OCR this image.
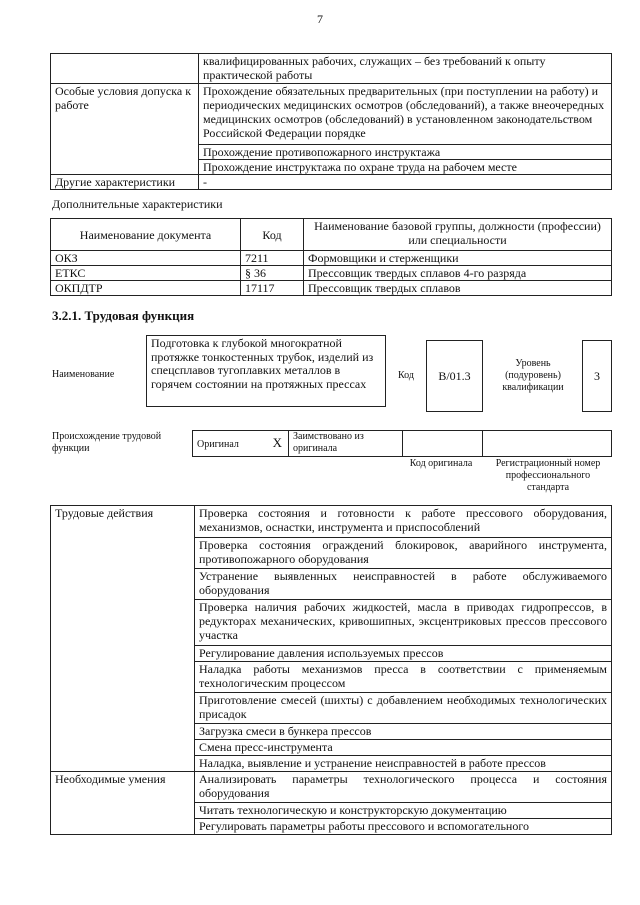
7
	квалифицированных рабочих, служащих – без требований к опыту практической работы
Особые условия допуска к работе	Прохождение обязательных предварительных (при поступлении на работу) и периодических медицинских осмотров (обследований), а также внеочередных медицинских осмотров (обследований) в установленном законодательством Российской Федерации порядке
	Прохождение противопожарного инструктажа
	Прохождение инструктажа по охране труда на рабочем месте
Другие характеристики	-
Дополнительные характеристики
Наименование документа	Код	Наименование базовой группы, должности (профессии) или специальности
ОКЗ	7211	Формовщики и стерженщики
ЕТКС	§ 36	Прессовщик твердых сплавов 4-го разряда
ОКПДТР	17117	Прессовщик твердых сплавов
3.2.1. Трудовая функция
Наименование
Подготовка к глубокой многократной протяжке тонкостенных трубок, изделий из спецсплавов тугоплавких металлов в горячем состоянии на протяжных прессах
Код	B/01.3
Уровень (подуровень) квалификации
3
Происхождение трудовой функции	Оригинал	X	Заимствовано из оригинала		
Код оригинала	Регистрационный номер профессионального стандарта
Трудовые действия	Проверка состояния и готовности к работе прессового оборудования, механизмов, оснастки, инструмента и приспособлений
	Проверка состояния ограждений блокировок, аварийного инструмента, противопожарного оборудования
	Устранение выявленных неисправностей в работе обслуживаемого оборудования
	Проверка наличия рабочих жидкостей, масла в приводах гидропрессов, в редукторах механических, кривошипных, эксцентриковых прессов прессового участка
	Регулирование давления используемых прессов
	Наладка работы механизмов пресса в соответствии с применяемым технологическим процессом
	Приготовление смесей (шихты) с добавлением необходимых технологических присадок
	Загрузка смеси в бункера прессов
	Смена пресс-инструмента
	Наладка, выявление и устранение неисправностей в работе прессов
Необходимые умения	Анализировать параметры технологического процесса и состояния оборудования
	Читать технологическую и конструкторскую документацию
	Регулировать параметры работы прессового и вспомогательного
